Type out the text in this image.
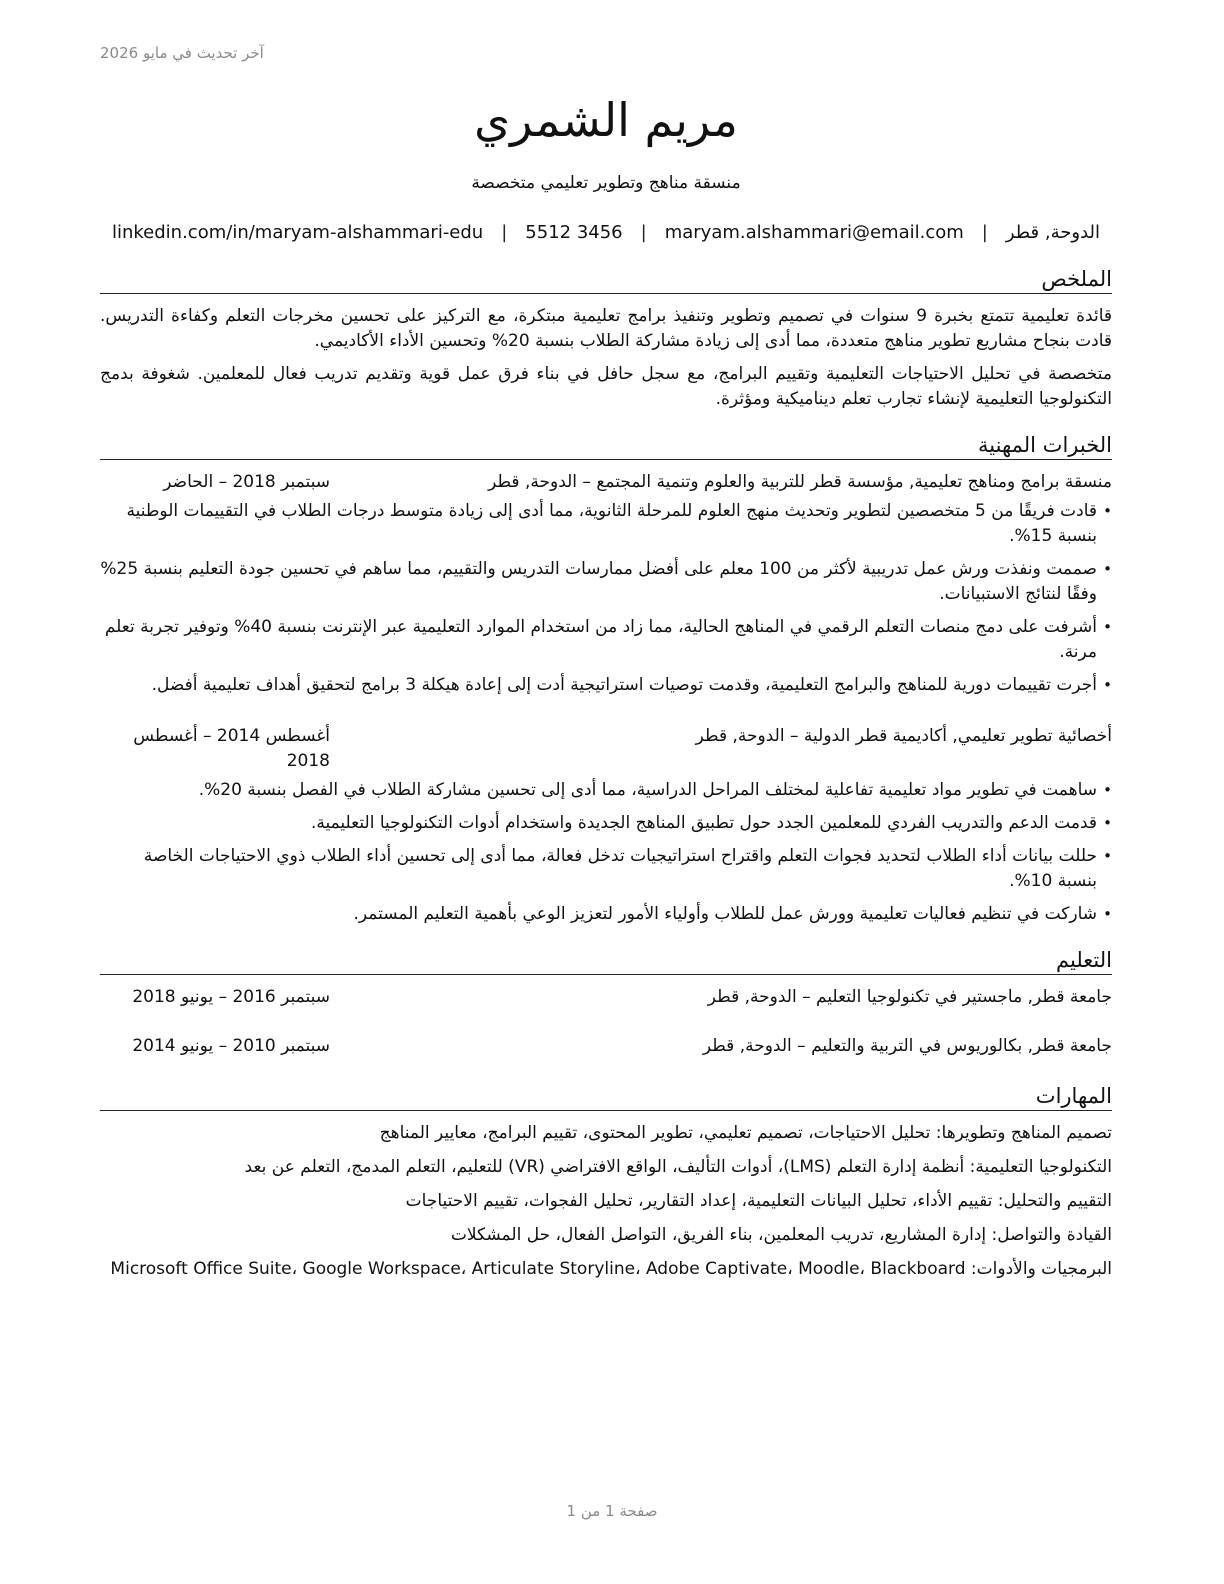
آخر تحديث في مايو 2026
مريم الشمري
منسقة مناهج وتطوير تعليمي متخصصة
الدوحة, قطر
|
maryam.alshammari@email.com
|
5512 3456
|
linkedin.com/in/maryam-alshammari-edu
الملخص

قائدة تعليمية تتمتع بخبرة 9 سنوات في تصميم وتطوير وتنفيذ برامج تعليمية مبتكرة، مع التركيز على تحسين مخرجات التعلم وكفاءة التدريس. قادت بنجاح مشاريع تطوير مناهج متعددة، مما أدى إلى زيادة مشاركة الطلاب بنسبة 20% وتحسين الأداء الأكاديمي.

متخصصة في تحليل الاحتياجات التعليمية وتقييم البرامج، مع سجل حافل في بناء فرق عمل قوية وتقديم تدريب فعال للمعلمين. شغوفة بدمج التكنولوجيا التعليمية لإنشاء تجارب تعلم ديناميكية ومؤثرة.

الخبرات المهنية
منسقة برامج ومناهج تعليمية, مؤسسة قطر للتربية والعلوم وتنمية المجتمع – الدوحة, قطر
سبتمبر 2018 – الحاضر
• قادت فريقًا من 5 متخصصين لتطوير وتحديث منهج العلوم للمرحلة الثانوية، مما أدى إلى زيادة متوسط درجات الطلاب في التقييمات الوطنية بنسبة 15%.
• صممت ونفذت ورش عمل تدريبية لأكثر من 100 معلم على أفضل ممارسات التدريس والتقييم، مما ساهم في تحسين جودة التعليم بنسبة 25% وفقًا لنتائج الاستبيانات.
• أشرفت على دمج منصات التعلم الرقمي في المناهج الحالية، مما زاد من استخدام الموارد التعليمية عبر الإنترنت بنسبة 40% وتوفير تجربة تعلم مرنة.
• أجرت تقييمات دورية للمناهج والبرامج التعليمية، وقدمت توصيات استراتيجية أدت إلى إعادة هيكلة 3 برامج لتحقيق أهداف تعليمية أفضل.
أخصائية تطوير تعليمي, أكاديمية قطر الدولية – الدوحة, قطر
أغسطس 2014 – أغسطس 2018
• ساهمت في تطوير مواد تعليمية تفاعلية لمختلف المراحل الدراسية، مما أدى إلى تحسين مشاركة الطلاب في الفصل بنسبة 20%.
• قدمت الدعم والتدريب الفردي للمعلمين الجدد حول تطبيق المناهج الجديدة واستخدام أدوات التكنولوجيا التعليمية.
• حللت بيانات أداء الطلاب لتحديد فجوات التعلم واقتراح استراتيجيات تدخل فعالة، مما أدى إلى تحسين أداء الطلاب ذوي الاحتياجات الخاصة بنسبة 10%.
• شاركت في تنظيم فعاليات تعليمية وورش عمل للطلاب وأولياء الأمور لتعزيز الوعي بأهمية التعليم المستمر.
التعليم
جامعة قطر, ماجستير في تكنولوجيا التعليم – الدوحة, قطر
سبتمبر 2016 – يونيو 2018
جامعة قطر, بكالوريوس في التربية والتعليم – الدوحة, قطر
سبتمبر 2010 – يونيو 2014
المهارات
تصميم المناهج وتطويرها: تحليل الاحتياجات، تصميم تعليمي، تطوير المحتوى، تقييم البرامج، معايير المناهج
التكنولوجيا التعليمية: أنظمة إدارة التعلم (LMS)، أدوات التأليف، الواقع الافتراضي (VR) للتعليم، التعلم المدمج، التعلم عن بعد
التقييم والتحليل: تقييم الأداء، تحليل البيانات التعليمية، إعداد التقارير، تحليل الفجوات، تقييم الاحتياجات
القيادة والتواصل: إدارة المشاريع، تدريب المعلمين، بناء الفريق، التواصل الفعال، حل المشكلات
البرمجيات والأدوات: Microsoft Office Suite، Google Workspace، Articulate Storyline، Adobe Captivate، Moodle، Blackboard
صفحة 1 من 1
